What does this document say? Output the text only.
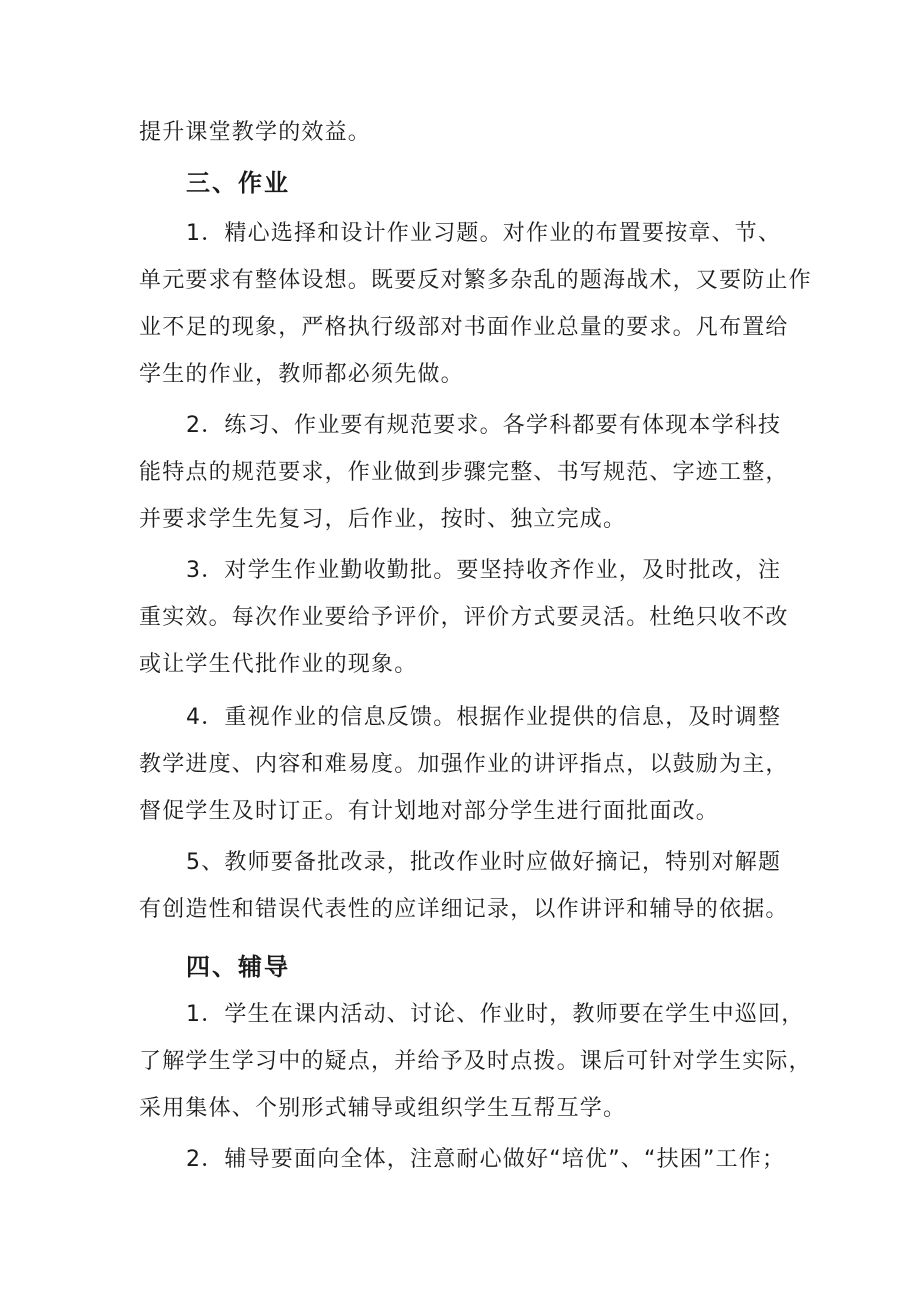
提升课堂教学的效益。
三、作业
1．精心选择和设计作业习题。对作业的布置要按章、节、
单元要求有整体设想。既要反对繁多杂乱的题海战术，又要防止作
业不足的现象，严格执行级部对书面作业总量的要求。凡布置给
学生的作业，教师都必须先做。
2．练习、作业要有规范要求。各学科都要有体现本学科技
能特点的规范要求，作业做到步骤完整、书写规范、字迹工整，
并要求学生先复习，后作业，按时、独立完成。
3．对学生作业勤收勤批。要坚持收齐作业，及时批改，注
重实效。每次作业要给予评价，评价方式要灵活。杜绝只收不改
或让学生代批作业的现象。
4．重视作业的信息反馈。根据作业提供的信息，及时调整
教学进度、内容和难易度。加强作业的讲评指点，以鼓励为主，
督促学生及时订正。有计划地对部分学生进行面批面改。
5、教师要备批改录，批改作业时应做好摘记，特别对解题
有创造性和错误代表性的应详细记录，以作讲评和辅导的依据。
四、辅导
1．学生在课内活动、讨论、作业时，教师要在学生中巡回，
了解学生学习中的疑点，并给予及时点拨。课后可针对学生实际，
采用集体、个别形式辅导或组织学生互帮互学。
2．辅导要面向全体，注意耐心做好“培优”、“扶困”工作；
